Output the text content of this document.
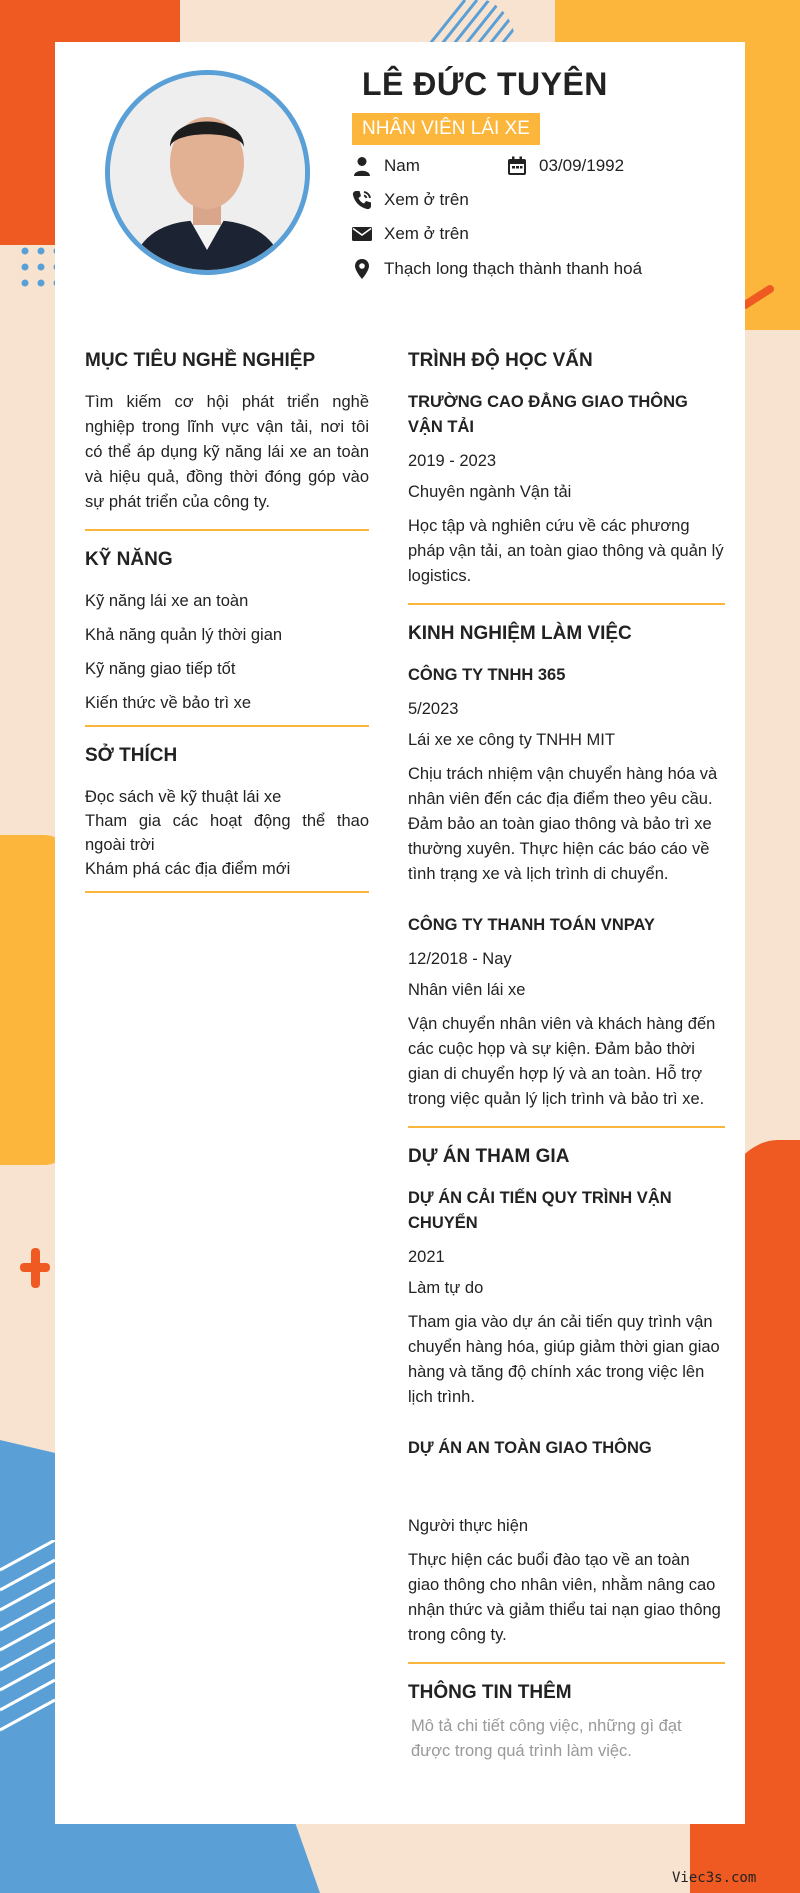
LÊ ĐỨC TUYÊN
NHÂN VIÊN LÁI XE
Nam	03/09/1992
Xem ở trên
Xem ở trên
Thạch long thạch thành thanh hoá
MỤC TIÊU NGHỀ NGHIỆP
Tìm kiếm cơ hội phát triển nghề nghiệp trong lĩnh vực vận tải, nơi tôi có thể áp dụng kỹ năng lái xe an toàn và hiệu quả, đồng thời đóng góp vào sự phát triển của công ty.
KỸ NĂNG
Kỹ năng lái xe an toàn
Khả năng quản lý thời gian
Kỹ năng giao tiếp tốt
Kiến thức về bảo trì xe
SỞ THÍCH
Đọc sách về kỹ thuật lái xe
Tham gia các hoạt động thể thao ngoài trời
Khám phá các địa điểm mới
TRÌNH ĐỘ HỌC VẤN
TRƯỜNG CAO ĐẲNG GIAO THÔNG VẬN TẢI
2019 - 2023
Chuyên ngành Vận tải
Học tập và nghiên cứu về các phương pháp vận tải, an toàn giao thông và quản lý logistics.
KINH NGHIỆM LÀM VIỆC
CÔNG TY TNHH 365
5/2023
Lái xe xe công ty TNHH MIT
Chịu trách nhiệm vận chuyển hàng hóa và nhân viên đến các địa điểm theo yêu cầu. Đảm bảo an toàn giao thông và bảo trì xe thường xuyên. Thực hiện các báo cáo về tình trạng xe và lịch trình di chuyển.
CÔNG TY THANH TOÁN VNPAY
12/2018 - Nay
Nhân viên lái xe
Vận chuyển nhân viên và khách hàng đến các cuộc họp và sự kiện. Đảm bảo thời gian di chuyển hợp lý và an toàn. Hỗ trợ trong việc quản lý lịch trình và bảo trì xe.
DỰ ÁN THAM GIA
DỰ ÁN CẢI TIẾN QUY TRÌNH VẬN CHUYỂN
2021
Làm tự do
Tham gia vào dự án cải tiến quy trình vận chuyển hàng hóa, giúp giảm thời gian giao hàng và tăng độ chính xác trong việc lên lịch trình.
DỰ ÁN AN TOÀN GIAO THÔNG
Người thực hiện
Thực hiện các buổi đào tạo về an toàn giao thông cho nhân viên, nhằm nâng cao nhận thức và giảm thiểu tai nạn giao thông trong công ty.
THÔNG TIN THÊM
Mô tả chi tiết công việc, những gì đạt được trong quá trình làm việc.
Viec3s.com
